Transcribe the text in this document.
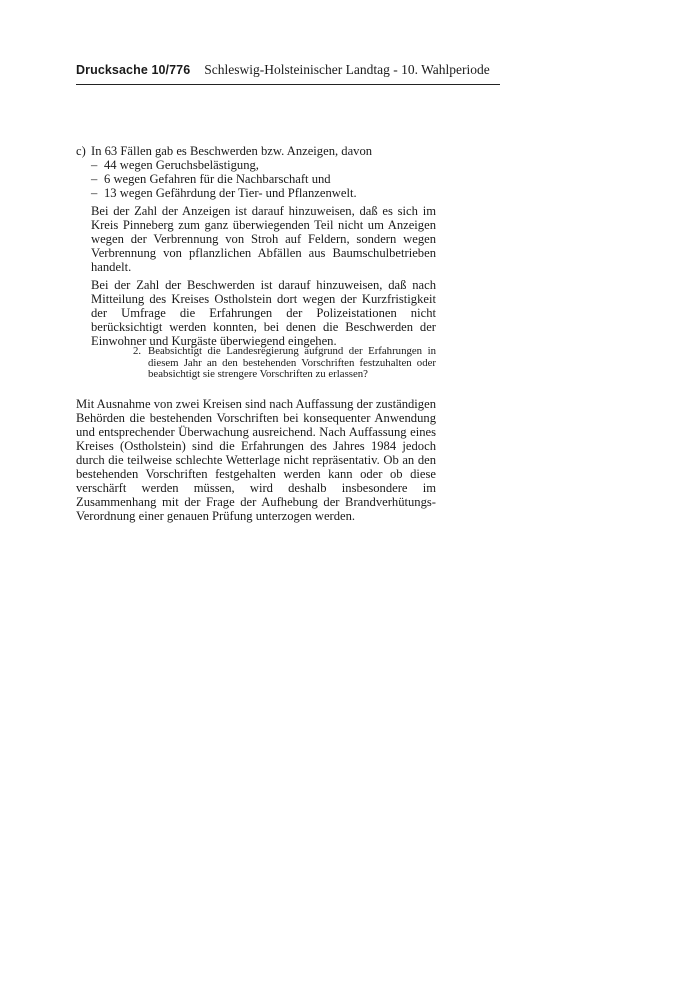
Drucksache 10/776 Schleswig-Holsteinischer Landtag - 10. Wahlperiode
c) In 63 Fällen gab es Beschwerden bzw. Anzeigen, davon
– 44 wegen Geruchsbelästigung,
– 6 wegen Gefahren für die Nachbarschaft und
– 13 wegen Gefährdung der Tier- und Pflanzenwelt.

Bei der Zahl der Anzeigen ist darauf hinzuweisen, daß es sich im Kreis Pinneberg zum ganz überwiegenden Teil nicht um Anzeigen wegen der Verbrennung von Stroh auf Feldern, sondern wegen Verbrennung von pflanzlichen Abfällen aus Baumschulbetrieben handelt.

Bei der Zahl der Beschwerden ist darauf hinzuweisen, daß nach Mitteilung des Kreises Ostholstein dort wegen der Kurzfristigkeit der Umfrage die Erfahrungen der Polizeistationen nicht berücksichtigt werden konnten, bei denen die Beschwerden der Einwohner und Kurgäste überwiegend eingehen.

2. Beabsichtigt die Landesregierung aufgrund der Erfahrungen in diesem Jahr an den bestehenden Vorschriften festzuhalten oder beabsichtigt sie strengere Vorschriften zu erlassen?

Mit Ausnahme von zwei Kreisen sind nach Auffassung der zuständigen Behörden die bestehenden Vorschriften bei konsequenter Anwendung und entsprechender Überwachung ausreichend. Nach Auffassung eines Kreises (Ostholstein) sind die Erfahrungen des Jahres 1984 jedoch durch die teilweise schlechte Wetterlage nicht repräsentativ. Ob an den bestehenden Vorschriften festgehalten werden kann oder ob diese verschärft werden müssen, wird deshalb insbesondere im Zusammenhang mit der Frage der Aufhebung der Brandverhütungs-Verordnung einer genauen Prüfung unterzogen werden.
